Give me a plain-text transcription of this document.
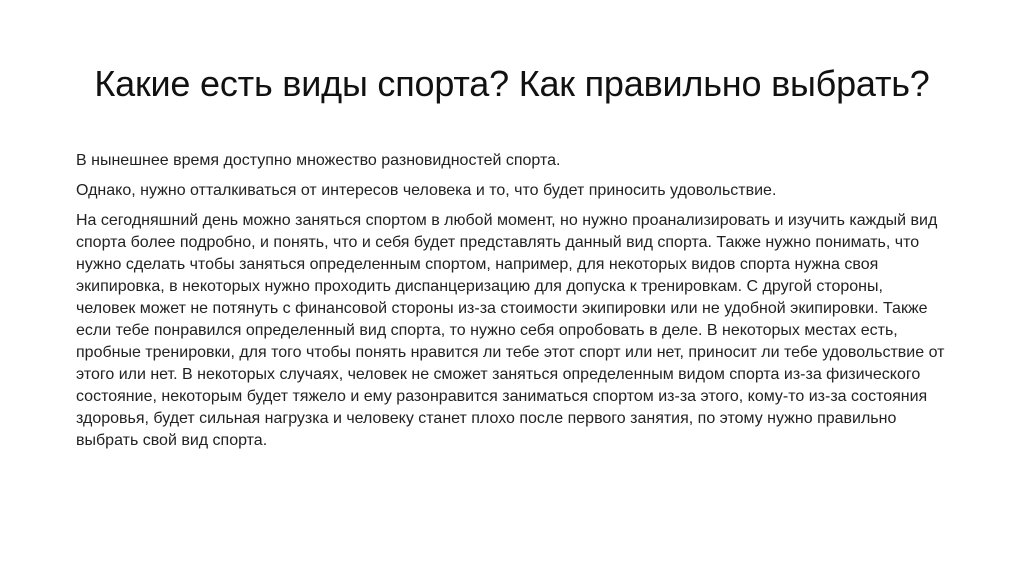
Какие есть виды спорта? Как правильно выбрать?

В нынешнее время доступно множество разновидностей спорта.

Однако, нужно отталкиваться от интересов человека и то, что будет приносить удовольствие.

На сегодняшний день можно заняться спортом в любой момент, но нужно проанализировать и изучить каждый вид спорта более подробно, и понять, что и себя будет представлять данный вид спорта. Также нужно понимать, что нужно сделать чтобы заняться определенным спортом, например, для некоторых видов спорта нужна своя экипировка, в некоторых нужно проходить диспанцеризацию для допуска к тренировкам. С другой стороны, человек может не потянуть с финансовой стороны из-за стоимости экипировки или не удобной экипировки. Также если тебе понравился определенный вид спорта, то нужно себя опробовать в деле. В некоторых местах есть, пробные тренировки, для того чтобы понять нравится ли тебе этот спорт или нет, приносит ли тебе удовольствие от этого или нет. В некоторых случаях, человек не сможет заняться определенным видом спорта из-за физического состояние, некоторым будет тяжело и ему разонравится заниматься спортом из-за этого, кому-то из-за состояния здоровья, будет сильная нагрузка и человеку станет плохо после первого занятия, по этому нужно правильно выбрать свой вид спорта.
